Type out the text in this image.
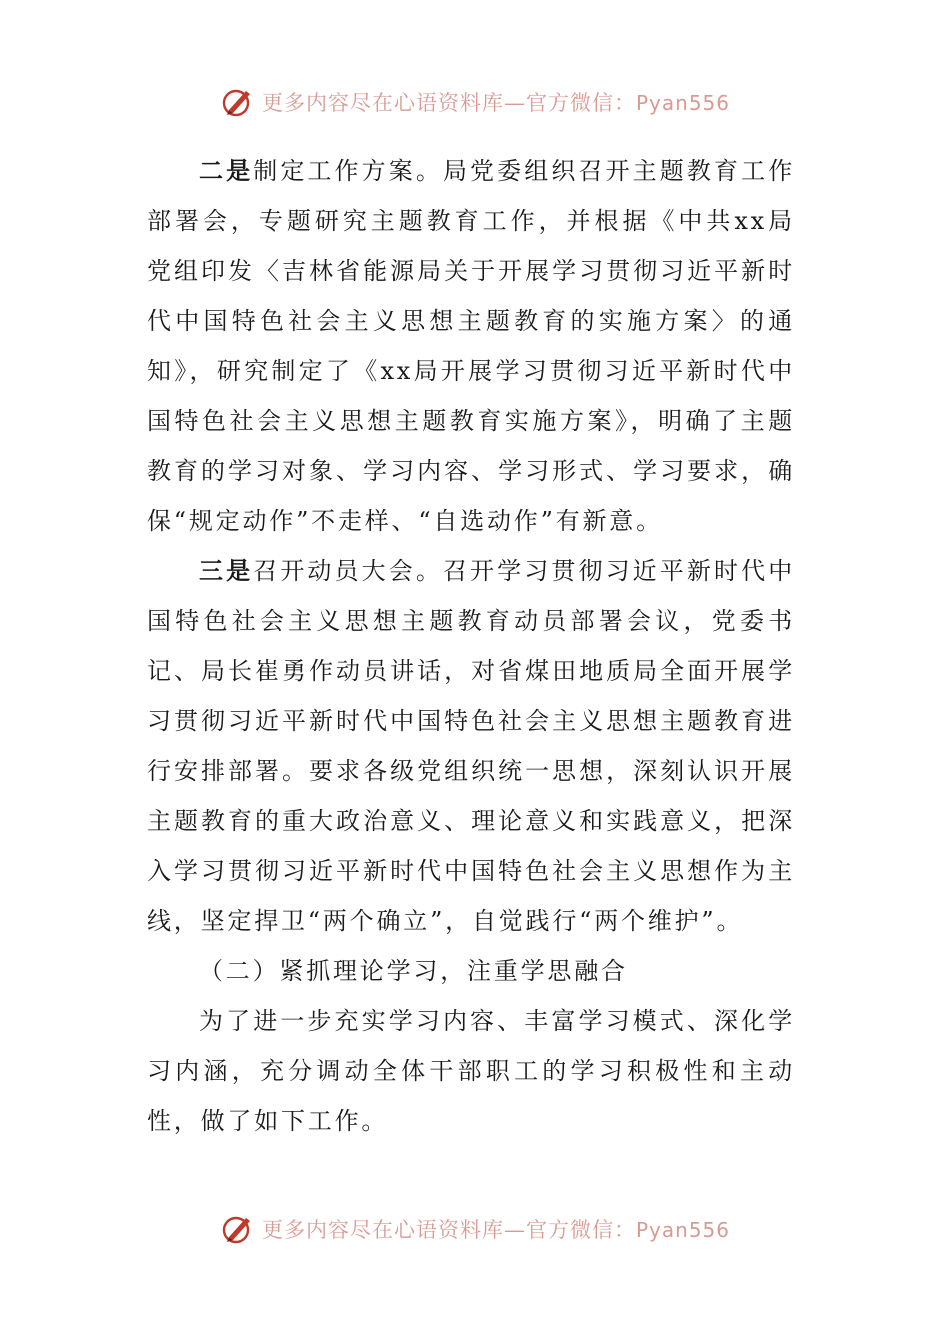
更多内容尽在心语资料库—官方微信：Pyan556

二是制定工作方案。局党委组织召开主题教育工作部署会，专题研究主题教育工作，并根据《中共xx局党组印发〈吉林省能源局关于开展学习贯彻习近平新时代中国特色社会主义思想主题教育的实施方案〉的通知》，研究制定了《xx局开展学习贯彻习近平新时代中国特色社会主义思想主题教育实施方案》，明确了主题教育的学习对象、学习内容、学习形式、学习要求，确保“规定动作”不走样、“自选动作”有新意。

三是召开动员大会。召开学习贯彻习近平新时代中国特色社会主义思想主题教育动员部署会议，党委书记、局长崔勇作动员讲话，对省煤田地质局全面开展学习贯彻习近平新时代中国特色社会主义思想主题教育进行安排部署。要求各级党组织统一思想，深刻认识开展主题教育的重大政治意义、理论意义和实践意义，把深入学习贯彻习近平新时代中国特色社会主义思想作为主线，坚定捍卫“两个确立”，自觉践行“两个维护”。

（二）紧抓理论学习，注重学思融合

为了进一步充实学习内容、丰富学习模式、深化学习内涵，充分调动全体干部职工的学习积极性和主动性，做了如下工作。

更多内容尽在心语资料库—官方微信：Pyan556
